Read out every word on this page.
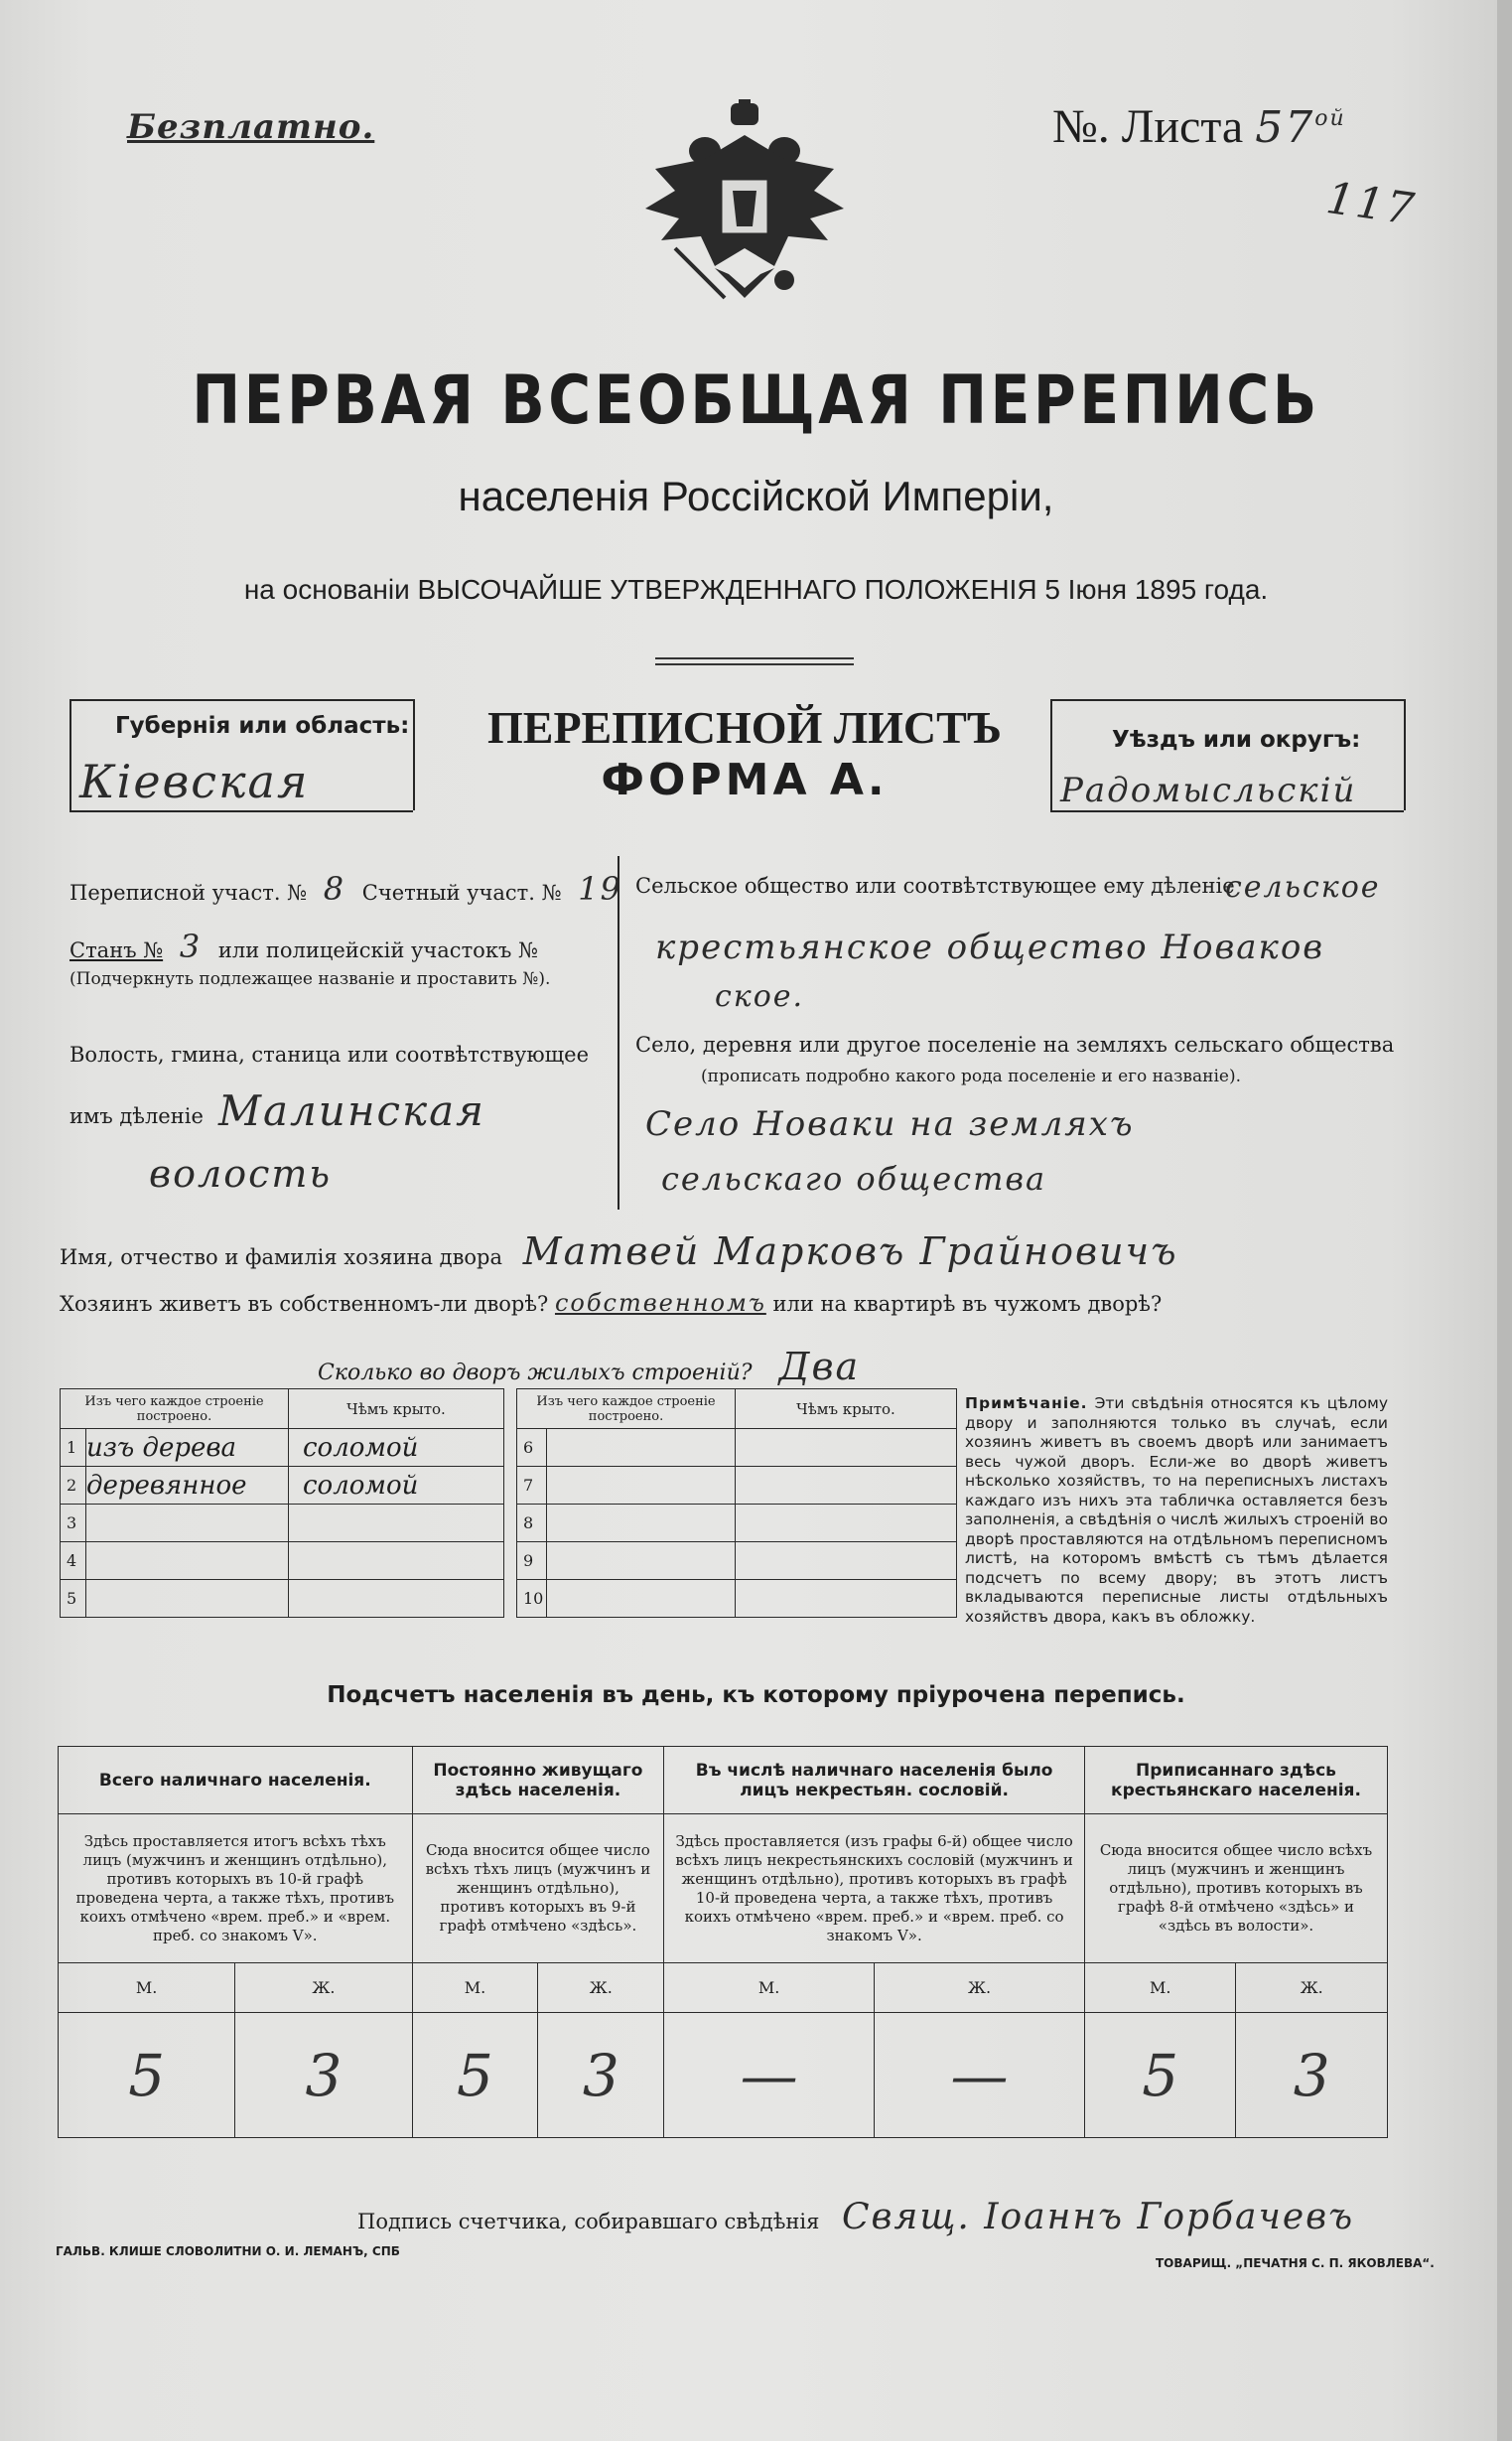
Безплатно.	№. Листа $57^{ой}$
117
ПЕРВАЯ ВСЕОБЩАЯ ПЕРЕПИСЬ
населенія Россійской Имперіи,
на основаніи ВЫСОЧАЙШЕ УТВЕРЖДЕННАГО ПОЛОЖЕНІЯ 5 Іюня 1895 года.
Губернія или область:
Кіевская
ПЕРЕПИСНОЙ ЛИСТЪ
ФОРМА А.
Уѣздъ или округъ:
Радомысльскій
Переписной участ. № 8 Счетный участ. № 19
Станъ № 3 или полицейскій участокъ №
(Подчеркнуть подлежащее названіе и проставить №).
Волость, гмина, станица или соотвѣтствующее
имъ дѣленіе Малинская
волость
Сельское общество или соотвѣтствующее ему дѣленіе
сельское
крестьянское общество Новаков
ское.
Село, деревня или другое поселеніе на земляхъ сельскаго общества
(прописать подробно какого рода поселеніе и его названіе).
Село Новаки на земляхъ
сельскаго общества
Имя, отчество и фамилія хозяина двора Матвей Марковъ Грайновичъ
Хозяинъ живетъ въ собственномъ-ли дворѣ? собственномъ или на квартирѣ въ чужомъ дворѣ?
Сколько во дворъ жилыхъ строеній? Два
Изъ чего каждое строеніе построено.		Чѣмъ крыто.
1	изъ дерева	соломой
2	деревянное	соломой
3		
4		
5		
Изъ чего каждое строеніе построено.		Чѣмъ крыто.
6		
7		
8		
9		
10		
Примѣчаніе. Эти свѣдѣнія относятся къ цѣлому двору и заполняются только въ случаѣ, если хозяинъ живетъ въ своемъ дворѣ или занимаетъ весь чужой дворъ. Если-же во дворѣ живетъ нѣсколько хозяйствъ, то на переписныхъ листахъ каждаго изъ нихъ эта табличка оставляется безъ заполненія, а свѣдѣнія о числѣ жилыхъ строеній во дворѣ проставляются на отдѣльномъ переписномъ листѣ, на которомъ вмѣстѣ съ тѣмъ дѣлается подсчетъ по всему двору; въ этотъ листъ вкладываются переписные листы отдѣльныхъ хозяйствъ двора, какъ въ обложку.
Подсчетъ населенія въ день, къ которому пріурочена перепись.
Всего наличнаго населенія.		Постоянно живущаго здѣсь населенія.		Въ числѣ наличнаго населенія было лицъ некрестьян. сословій.		Приписаннаго здѣсь крестьянскаго населенія.	
Здѣсь проставляется итогъ всѣхъ тѣхъ лицъ (мужчинъ и женщинъ отдѣльно), противъ которыхъ въ 10-й графѣ проведена черта, а также тѣхъ, противъ коихъ отмѣчено «врем. преб.» и «врем. преб. со знакомъ V».		Сюда вносится общее число всѣхъ тѣхъ лицъ (мужчинъ и женщинъ отдѣльно), противъ которыхъ въ 9-й графѣ отмѣчено «здѣсь».		Здѣсь проставляется (изъ графы 6-й) общее число всѣхъ лицъ некрестьянскихъ сословій (мужчинъ и женщинъ отдѣльно), противъ которыхъ въ графѣ 10-й проведена черта, а также тѣхъ, противъ коихъ отмѣчено «врем. преб.» и «врем. преб. со знакомъ V».		Сюда вносится общее число всѣхъ лицъ (мужчинъ и женщинъ отдѣльно), противъ которыхъ въ графѣ 8-й отмѣчено «здѣсь» и «здѣсь въ волости».	
М.	Ж.	М.	Ж.	М.	Ж.	М.	Ж.
5	3	5	3	—	—	5	3
Подпись счетчика, собиравшаго свѣдѣнія Свящ. Іоаннъ Горбачевъ
ГАЛЬВ. КЛИШЕ СЛОВОЛИТНИ О. И. ЛЕМАНЪ, СПБ
ТОВАРИЩ. „ПЕЧАТНЯ С. П. ЯКОВЛЕВА“.
